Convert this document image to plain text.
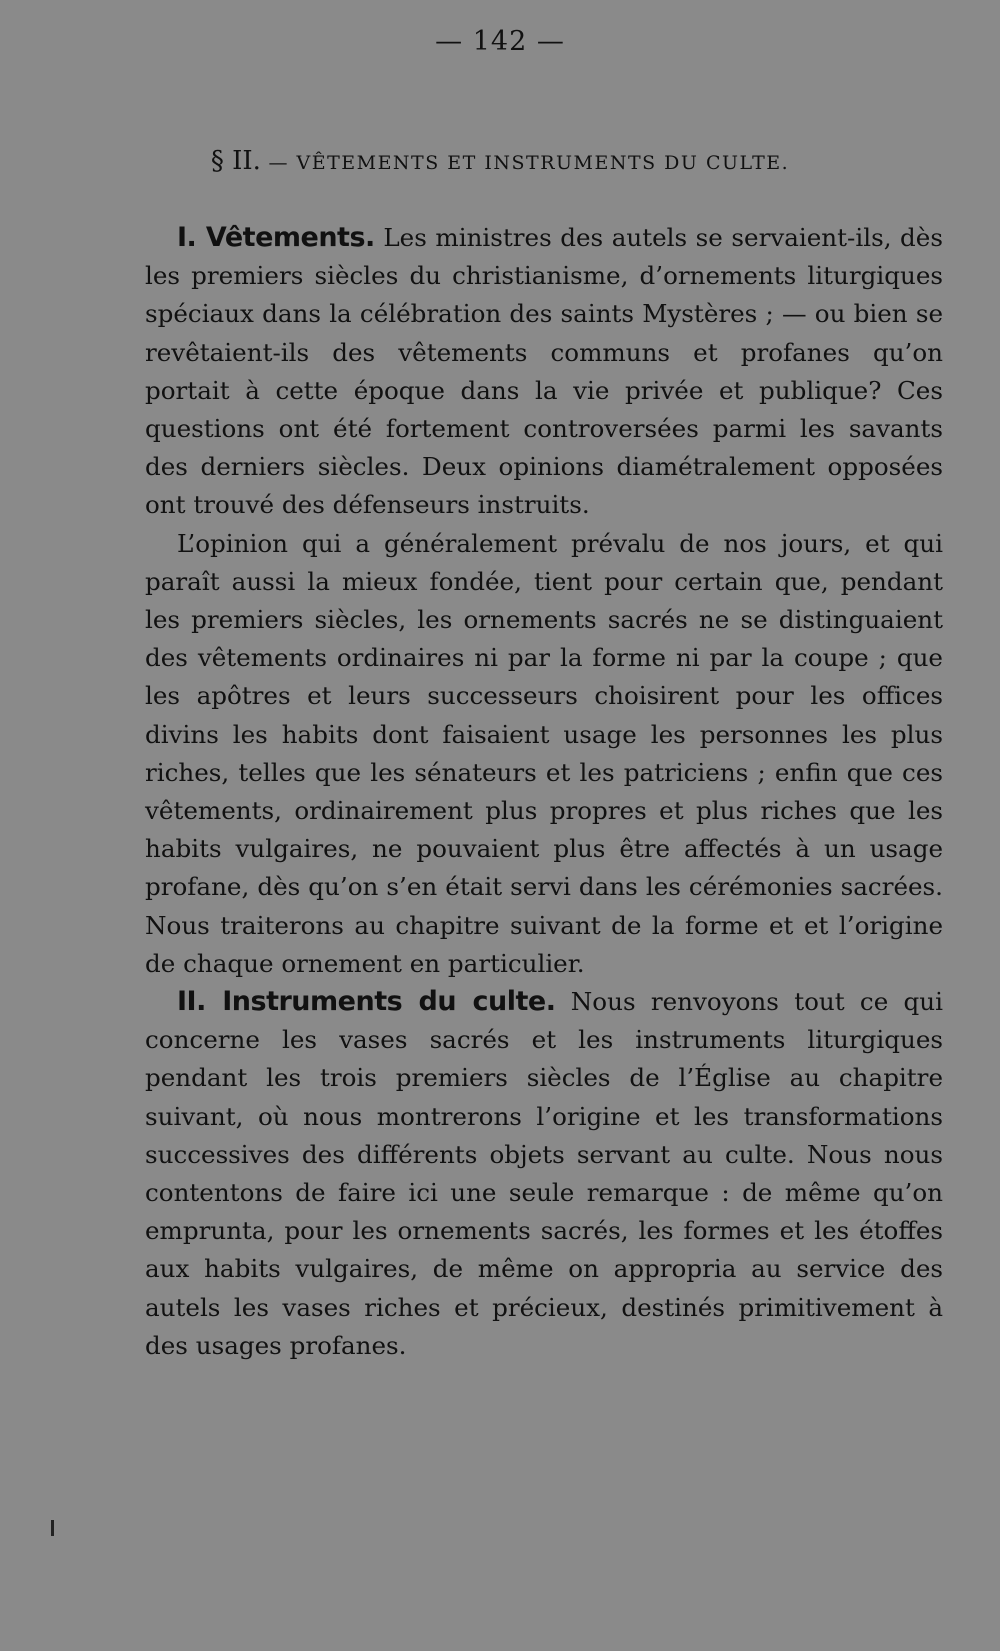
— 142 —
§ II. — VÊTEMENTS ET INSTRUMENTS DU CULTE.

I. Vêtements. Les ministres des autels se servaient-ils, dès les premiers siècles du christianisme, d’ornements liturgiques spéciaux dans la célébration des saints Mystères ; — ou bien se revêtaient-ils des vêtements communs et profanes qu’on portait à cette époque dans la vie privée et publique? Ces questions ont été fortement controversées parmi les savants des derniers siècles. Deux opinions diamétralement opposées ont trouvé des défenseurs instruits.

L’opinion qui a généralement prévalu de nos jours, et qui paraît aussi la mieux fondée, tient pour certain que, pendant les premiers siècles, les ornements sacrés ne se distinguaient des vêtements ordinaires ni par la forme ni par la coupe ; que les apôtres et leurs successeurs choisirent pour les offices divins les habits dont faisaient usage les personnes les plus riches, telles que les sénateurs et les patriciens ; enfin que ces vêtements, ordinairement plus propres et plus riches que les habits vulgaires, ne pouvaient plus être affectés à un usage profane, dès qu’on s’en était servi dans les cérémonies sacrées. Nous traiterons au chapitre suivant de la forme et et l’origine de chaque ornement en particulier.

II. Instruments du culte. Nous renvoyons tout ce qui concerne les vases sacrés et les instruments liturgiques pendant les trois premiers siècles de l’Église au chapitre suivant, où nous montrerons l’origine et les transformations successives des différents objets servant au culte. Nous nous contentons de faire ici une seule remarque : de même qu’on emprunta, pour les ornements sacrés, les formes et les étoffes aux habits vulgaires, de même on appropria au service des autels les vases riches et précieux, destinés primitivement à des usages profanes.
